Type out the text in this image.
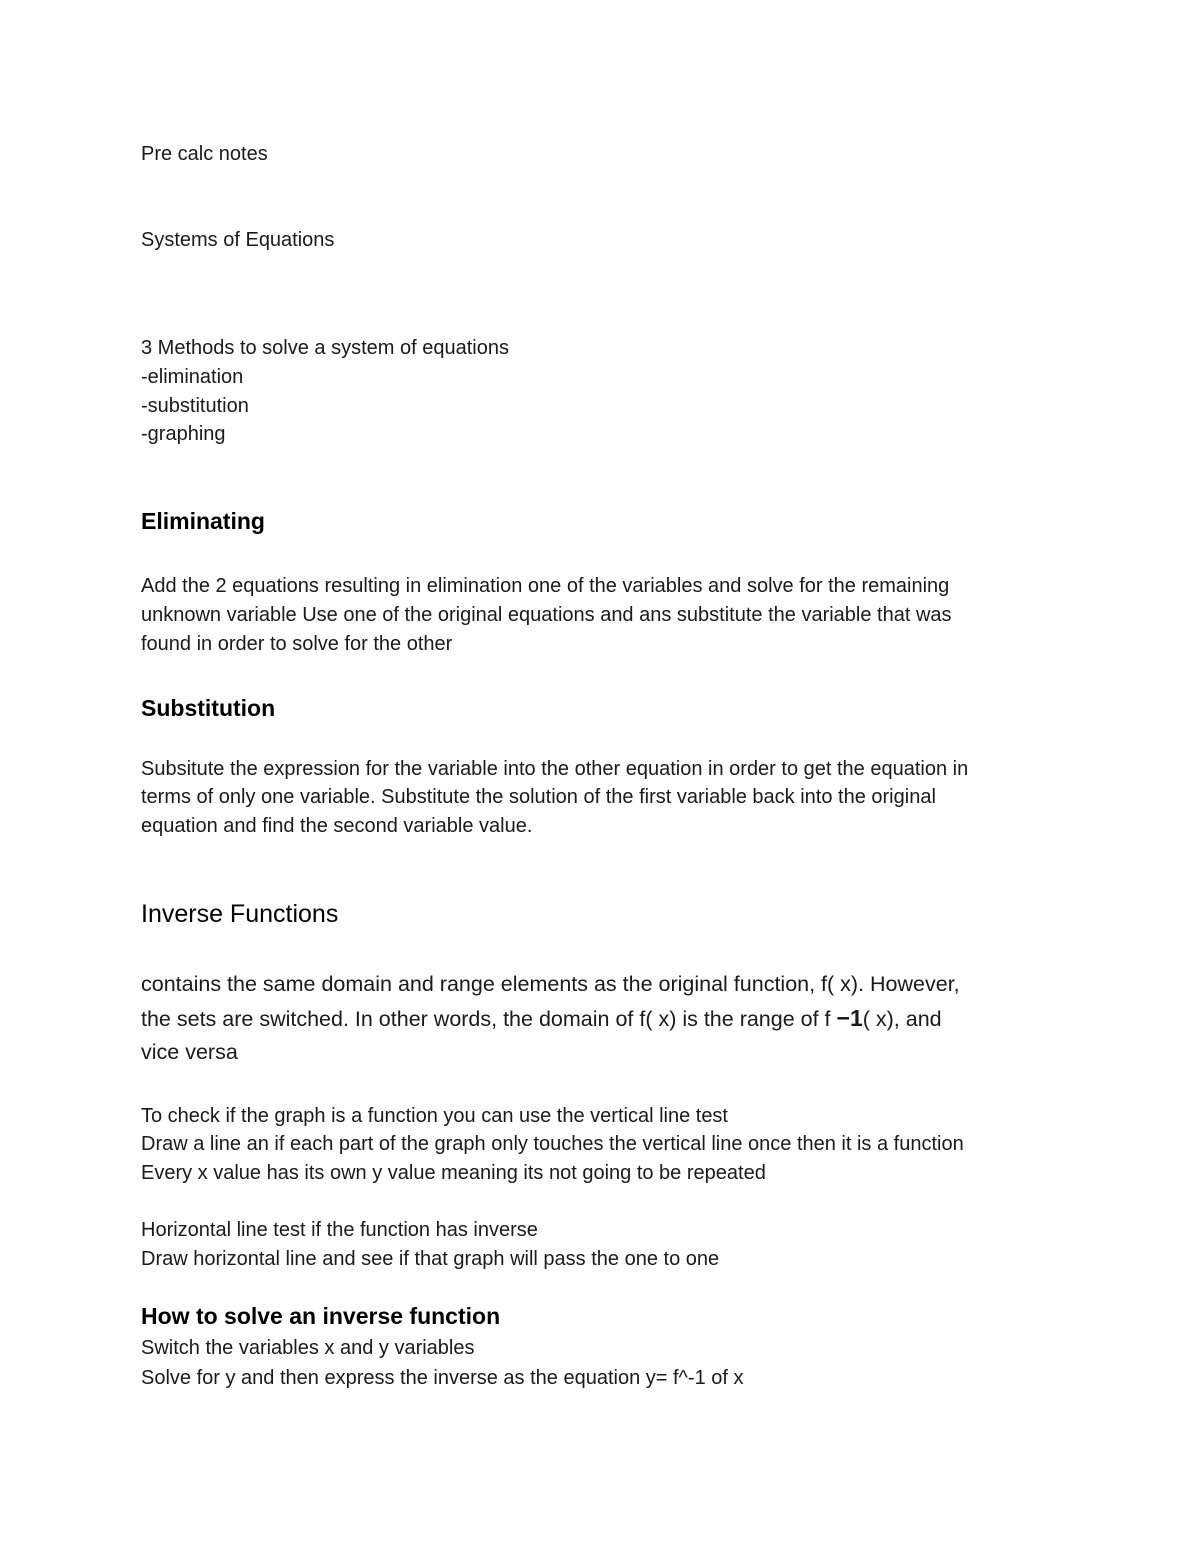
Pre calc notes
Systems of Equations
3 Methods to solve a system of equations
-elimination
-substitution
-graphing
Eliminating
Add the 2 equations resulting in elimination one of the variables and solve for the remaining
unknown variable Use one of the original equations and ans substitute the variable that was
found in order to solve for the other
Substitution
Subsitute the expression for the variable into the other equation in order to get the equation in
terms of only one variable. Substitute the solution of the first variable back into the original
equation and find the second variable value.
Inverse Functions
contains the same domain and range elements as the original function, f( x). However,
the sets are switched. In other words, the domain of f( x) is the range of f −1( x), and
vice versa
To check if the graph is a function you can use the vertical line test
Draw a line an if each part of the graph only touches the vertical line once then it is a function
Every x value has its own y value meaning its not going to be repeated
Horizontal line test if the function has inverse
Draw horizontal line and see if that graph will pass the one to one
How to solve an inverse function
Switch the variables x and y variables
Solve for y and then express the inverse as the equation y= f^-1 of x
